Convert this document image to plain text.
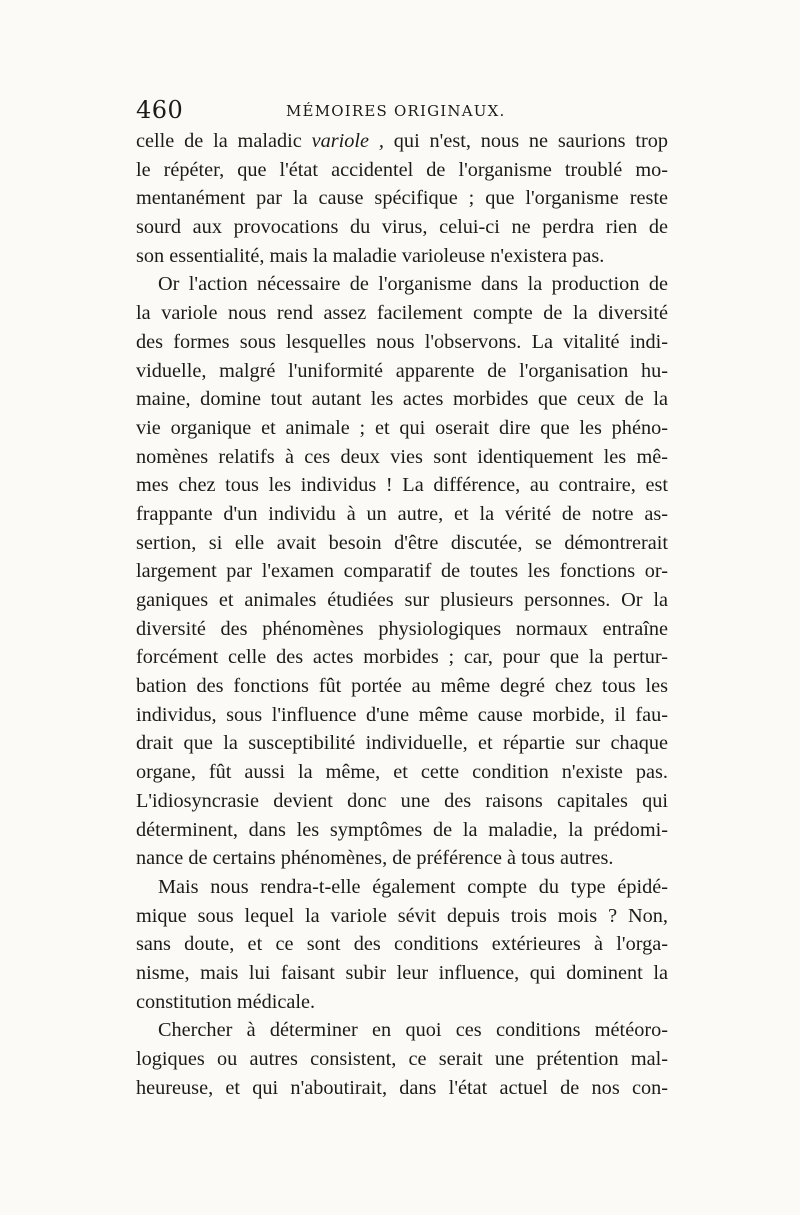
460	MÉMOIRES ORIGINAUX.
celle de la maladic variole , qui n'est, nous ne saurions trop
le répéter, que l'état accidentel de l'organisme troublé mo-
mentanément par la cause spécifique ; que l'organisme reste
sourd aux provocations du virus, celui-ci ne perdra rien de
son essentialité, mais la maladie varioleuse n'existera pas.
Or l'action nécessaire de l'organisme dans la production de
la variole nous rend assez facilement compte de la diversité
des formes sous lesquelles nous l'observons. La vitalité indi-
viduelle, malgré l'uniformité apparente de l'organisation hu-
maine, domine tout autant les actes morbides que ceux de la
vie organique et animale ; et qui oserait dire que les phéno-
nomènes relatifs à ces deux vies sont identiquement les mê-
mes chez tous les individus ! La différence, au contraire, est
frappante d'un individu à un autre, et la vérité de notre as-
sertion, si elle avait besoin d'être discutée, se démontrerait
largement par l'examen comparatif de toutes les fonctions or-
ganiques et animales étudiées sur plusieurs personnes. Or la
diversité des phénomènes physiologiques normaux entraîne
forcément celle des actes morbides ; car, pour que la pertur-
bation des fonctions fût portée au même degré chez tous les
individus, sous l'influence d'une même cause morbide, il fau-
drait que la susceptibilité individuelle, et répartie sur chaque
organe, fût aussi la même, et cette condition n'existe pas.
L'idiosyncrasie devient donc une des raisons capitales qui
déterminent, dans les symptômes de la maladie, la prédomi-
nance de certains phénomènes, de préférence à tous autres.
Mais nous rendra-t-elle également compte du type épidé-
mique sous lequel la variole sévit depuis trois mois ? Non,
sans doute, et ce sont des conditions extérieures à l'orga-
nisme, mais lui faisant subir leur influence, qui dominent la
constitution médicale.
Chercher à déterminer en quoi ces conditions météoro-
logiques ou autres consistent, ce serait une prétention mal-
heureuse, et qui n'aboutirait, dans l'état actuel de nos con-
